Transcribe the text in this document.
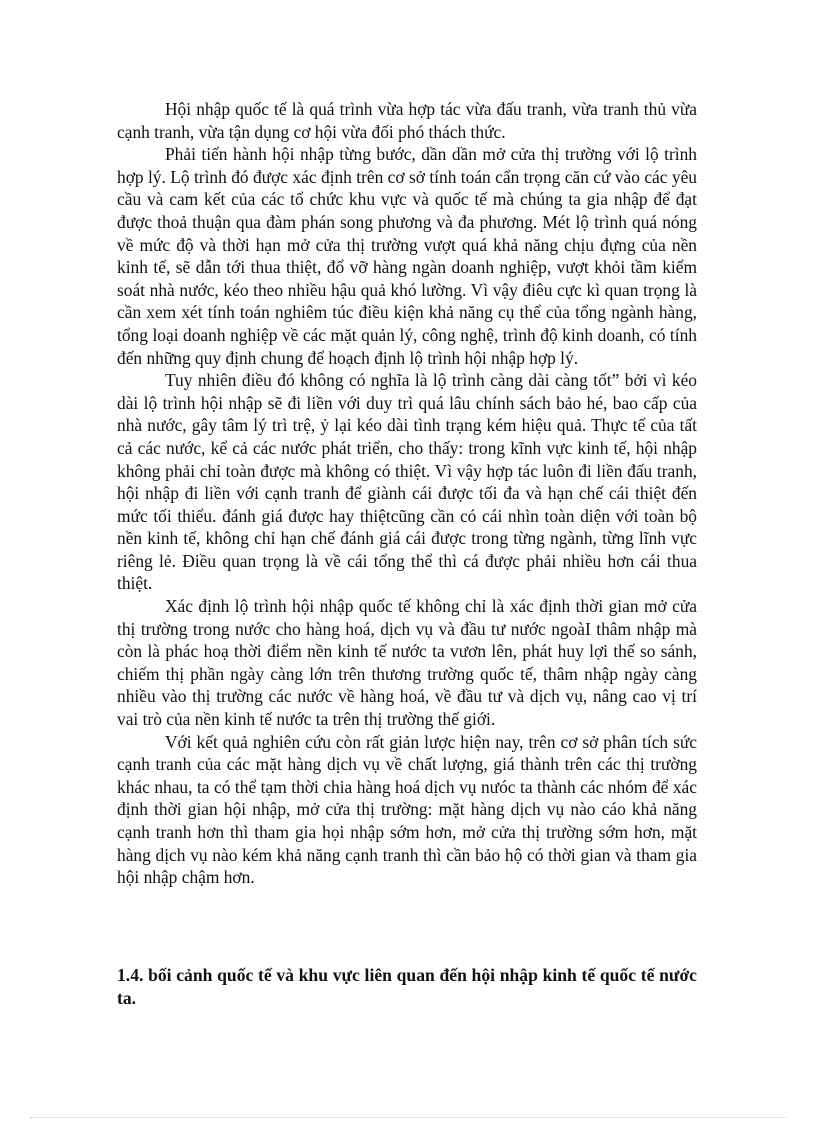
Hội nhập quốc tế là quá trình vừa hợp tác vừa đấu tranh, vừa tranh thủ vừa cạnh tranh, vừa tận dụng cơ hội vừa đối phó thách thức.

Phải tiến hành hội nhập từng bước, dần dần mở cửa thị trường với lộ trình hợp lý. Lộ trình đó được xác định trên cơ sở tính toán cẩn trọng căn cứ vào các yêu cầu và cam kết của các tổ chức khu vực và quốc tế mà chúng ta gia nhập để đạt được thoả thuận qua đàm phán song phương và đa phương. Mét lộ trình quá nóng về mức độ và thời hạn mở cửa thị trường vượt quá khả năng chịu đựng của nền kinh tế, sẽ dẫn tới thua thiệt, đổ vỡ hàng ngàn doanh nghiệp, vượt khỏi tầm kiểm soát nhà nước, kéo theo nhiều hậu quả khó lường. Vì vậy điêu cực kì quan trọng là cần xem xét tính toán nghiêm túc điều kiện khả năng cụ thể của tổng ngành hàng, tổng loại doanh nghiệp về các mặt quản lý, công nghệ, trình độ kinh doanh, có tính đến những quy định chung để hoạch định lộ trình hội nhập hợp lý.

Tuy nhiên điều đó không có nghĩa là lộ trình càng dài càng tốt” bởi vì kéo dài lộ trình hội nhập sẽ đi liền với duy trì quá lâu chính sách bảo hé, bao cấp của nhà nước, gây tâm lý trì trệ, ỷ lại kéo dài tình trạng kém hiệu quả. Thực tế của tất cả các nước, kể cả các nước phát triển, cho thấy: trong kĩnh vực kinh tế, hội nhập không phải chỉ toàn được mà không có thiệt. Vì vậy hợp tác luôn đi liền đấu tranh, hội nhập đi liền với cạnh tranh để giành cái được tối đa và hạn chế cái thiệt đến mức tối thiểu. đánh giá được hay thiệtcũng cần có cái nhìn toàn diện với toàn bộ nền kinh tế, không chỉ hạn chế đánh giá cái được trong từng ngành, từng lĩnh vực riêng lẻ. Điều quan trọng là về cái tổng thể thì cá được phải nhiều hơn cái thua thiệt.

Xác định lộ trình hội nhập quốc tế không chỉ là xác định thời gian mở cửa thị trường trong nước cho hàng hoá, dịch vụ và đầu tư nước ngoàI thâm nhập mà còn là phác hoạ thời điểm nền kinh tế nước ta vươn lên, phát huy lợi thế so sánh, chiếm thị phần ngày càng lớn trên thương trường quốc tế, thâm nhập ngày càng nhiều vào thị trường các nước về hàng hoá, về đầu tư và dịch vụ, nâng cao vị trí vai trò của nền kinh tế nước ta trên thị trường thế giới.

Với kết quả nghiên cứu còn rất giản lược hiện nay, trên cơ sở phân tích sức cạnh tranh của các mặt hàng dịch vụ về chất lượng, giá thành trên các thị trường khác nhau, ta có thể tạm thời chia hàng hoá dịch vụ nưóc ta thành các nhóm để xác định thời gian hội nhập, mở cửa thị trường: mặt hàng dịch vụ nào cáo khả năng cạnh tranh hơn thì tham gia họi nhập sớm hơn, mở cửa thị trường sớm hơn, mặt hàng dịch vụ nào kém khả năng cạnh tranh thì cần bảo hộ có thời gian và tham gia hội nhập chậm hơn.

1.4. bối cảnh quốc tế và khu vực liên quan đến hội nhập kinh tế quốc tế nước ta.
